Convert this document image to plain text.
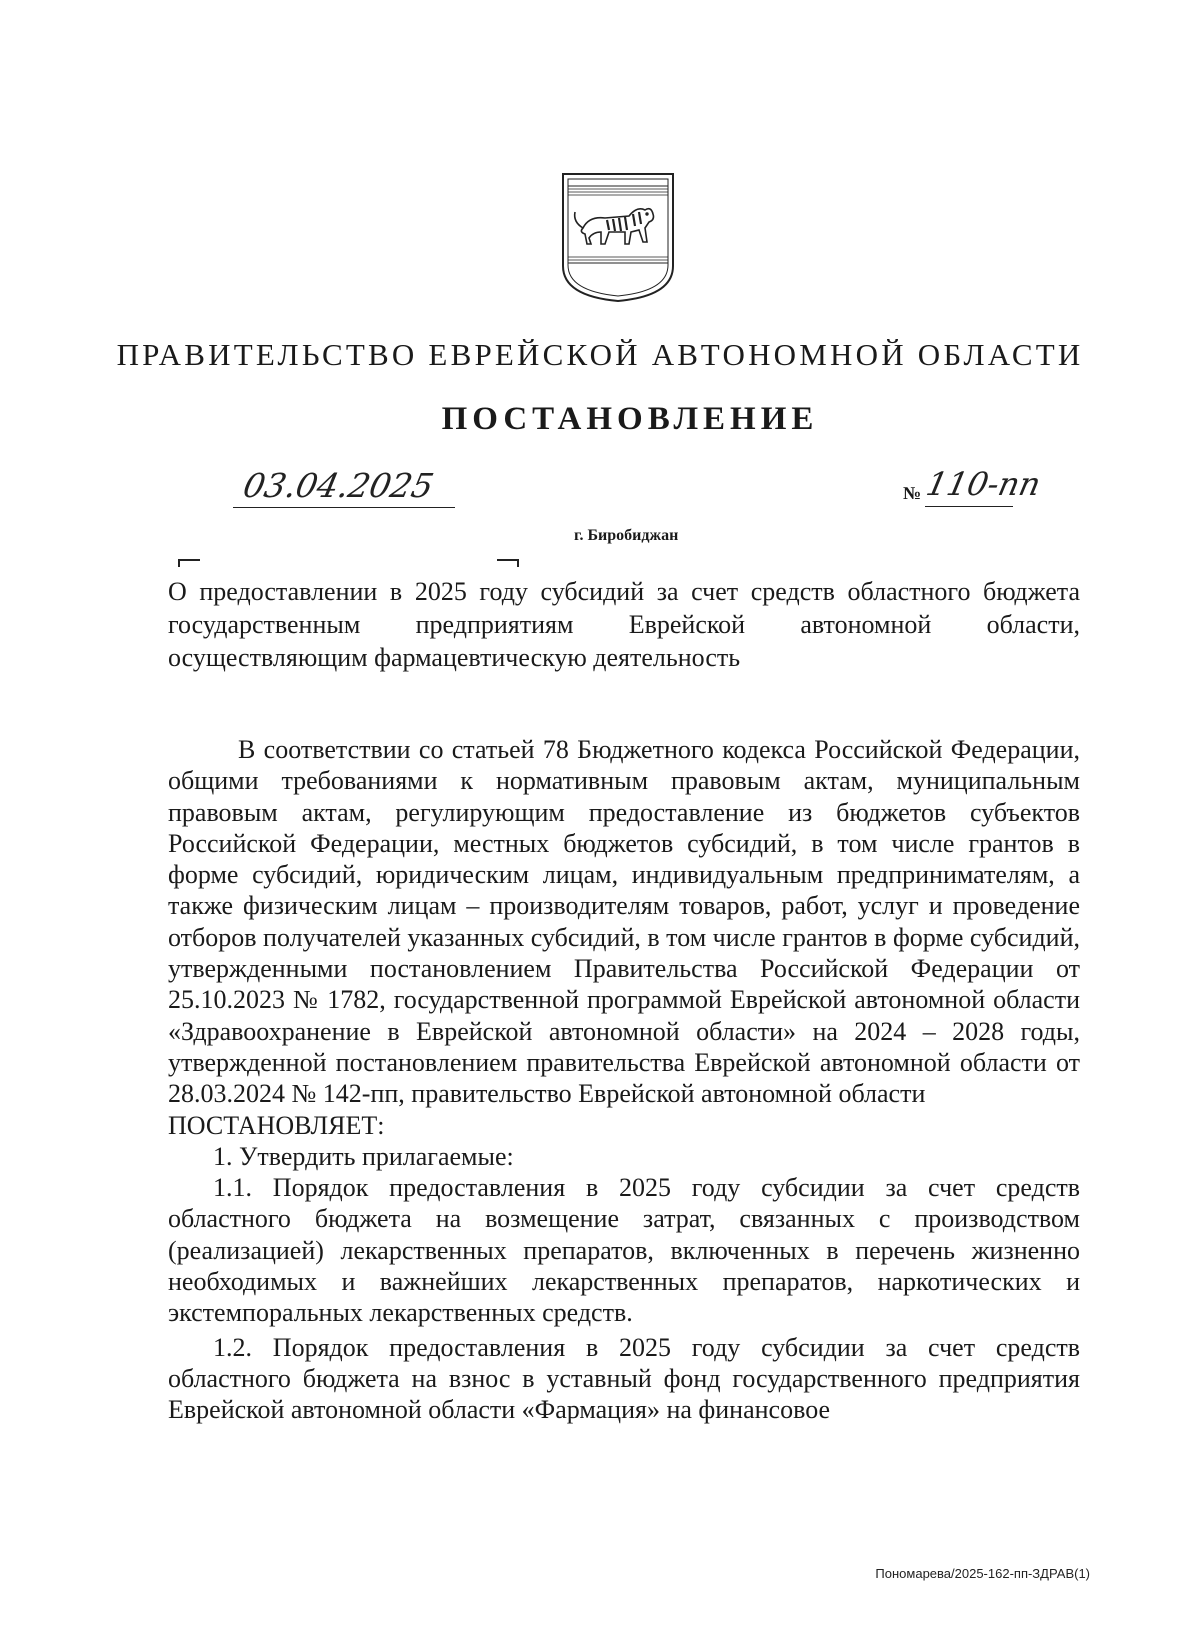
ПРАВИТЕЛЬСТВО ЕВРЕЙСКОЙ АВТОНОМНОЙ ОБЛАСТИ
ПОСТАНОВЛЕНИЕ
03.04.2025	№ 110-пп
г. Биробиджан
О предоставлении в 2025 году субсидий за счет средств областного бюджета государственным предприятиям Еврейской автономной области, осуществляющим фармацевтическую деятельность

В соответствии со статьей 78 Бюджетного кодекса Российской Федерации, общими требованиями к нормативным правовым актам, муниципальным правовым актам, регулирующим предоставление из бюджетов субъектов Российской Федерации, местных бюджетов субсидий, в том числе грантов в форме субсидий, юридическим лицам, индивидуальным предпринимателям, а также физическим лицам – производителям товаров, работ, услуг и проведение отборов получателей указанных субсидий, в том числе грантов в форме субсидий, утвержденными постановлением Правительства Российской Федерации от 25.10.2023 № 1782, государственной программой Еврейской автономной области «Здравоохранение в Еврейской автономной области» на 2024 – 2028 годы, утвержденной постановлением правительства Еврейской автономной области от 28.03.2024 № 142-пп, правительство Еврейской автономной области

ПОСТАНОВЛЯЕТ:

1. Утвердить прилагаемые:

1.1. Порядок предоставления в 2025 году субсидии за счет средств областного бюджета на возмещение затрат, связанных с производством (реализацией) лекарственных препаратов, включенных в перечень жизненно необходимых и важнейших лекарственных препаратов, наркотических и экстемпоральных лекарственных средств.

1.2. Порядок предоставления в 2025 году субсидии за счет средств областного бюджета на взнос в уставный фонд государственного предприятия Еврейской автономной области «Фармация» на финансовое

Пономарева/2025-162-пп-ЗДРАВ(1)
